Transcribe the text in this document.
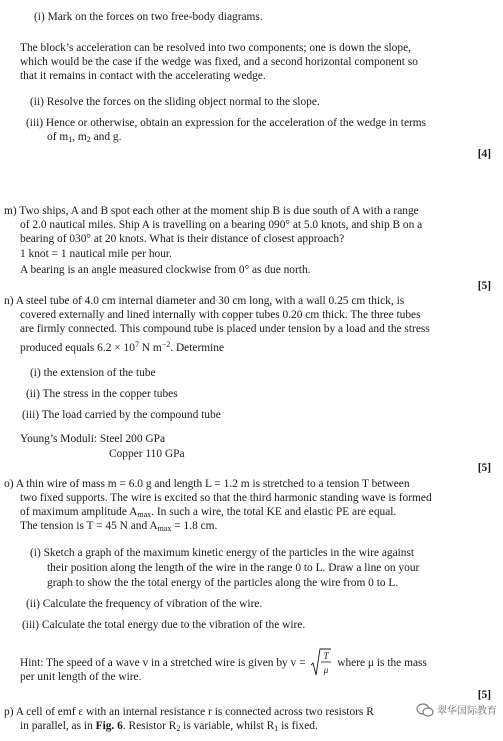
(i) Mark on the forces on two free-body diagrams.
The block’s acceleration can be resolved into two components; one is down the slope,
which would be the case if the wedge was fixed, and a second horizontal component so
that it remains in contact with the accelerating wedge.
(ii) Resolve the forces on the sliding object normal to the slope.
(iii) Hence or otherwise, obtain an expression for the acceleration of the wedge in terms
of $m_1$, $m_2$ and g.
[4]
m) Two ships, A and B spot each other at the moment ship B is due south of A with a range
of 2.0 nautical miles. Ship A is travelling on a bearing 090° at 5.0 knots, and ship B on a
bearing of 030° at 20 knots. What is their distance of closest approach?
1 knot = 1 nautical mile per hour.
A bearing is an angle measured clockwise from 0° as due north.
[5]
n) A steel tube of 4.0 cm internal diameter and 30 cm long, with a wall 0.25 cm thick, is
covered externally and lined internally with copper tubes 0.20 cm thick. The three tubes
are firmly connected. This compound tube is placed under tension by a load and the stress
produced equals $6.2 \times 10^7$ N $m^{-2}$. Determine
(i) the extension of the tube
(ii) The stress in the copper tubes
(iii) The load carried by the compound tube
Young’s Moduli: Steel 200 GPa
Copper 110 GPa
[5]
o) A thin wire of mass m = 6.0 g and length L = 1.2 m is stretched to a tension T between
two fixed supports. The wire is excited so that the third harmonic standing wave is formed
of maximum amplitude $A_{max}$. In such a wire, the total KE and elastic PE are equal.
The tension is T = 45 N and $A_{max} = 1.8$ cm.
(i) Sketch a graph of the maximum kinetic energy of the particles in the wire against
their position along the length of the wire in the range 0 to L. Draw a line on your
graph to show the the total energy of the particles along the wire from 0 to L.
(ii) Calculate the frequency of vibration of the wire.
(iii) Calculate the total energy due to the vibration of the wire.
Hint: The speed of a wave v in a stretched wire is given by v =
T
μ
where μ is the mass
per unit length of the wire.
[5]
p) A cell of emf ε with an internal resistance r is connected across two resistors R
in parallel, as in Fig. 6. Resistor $R_2$ is variable, whilst $R_1$ is fixed.
翠华国际教育
